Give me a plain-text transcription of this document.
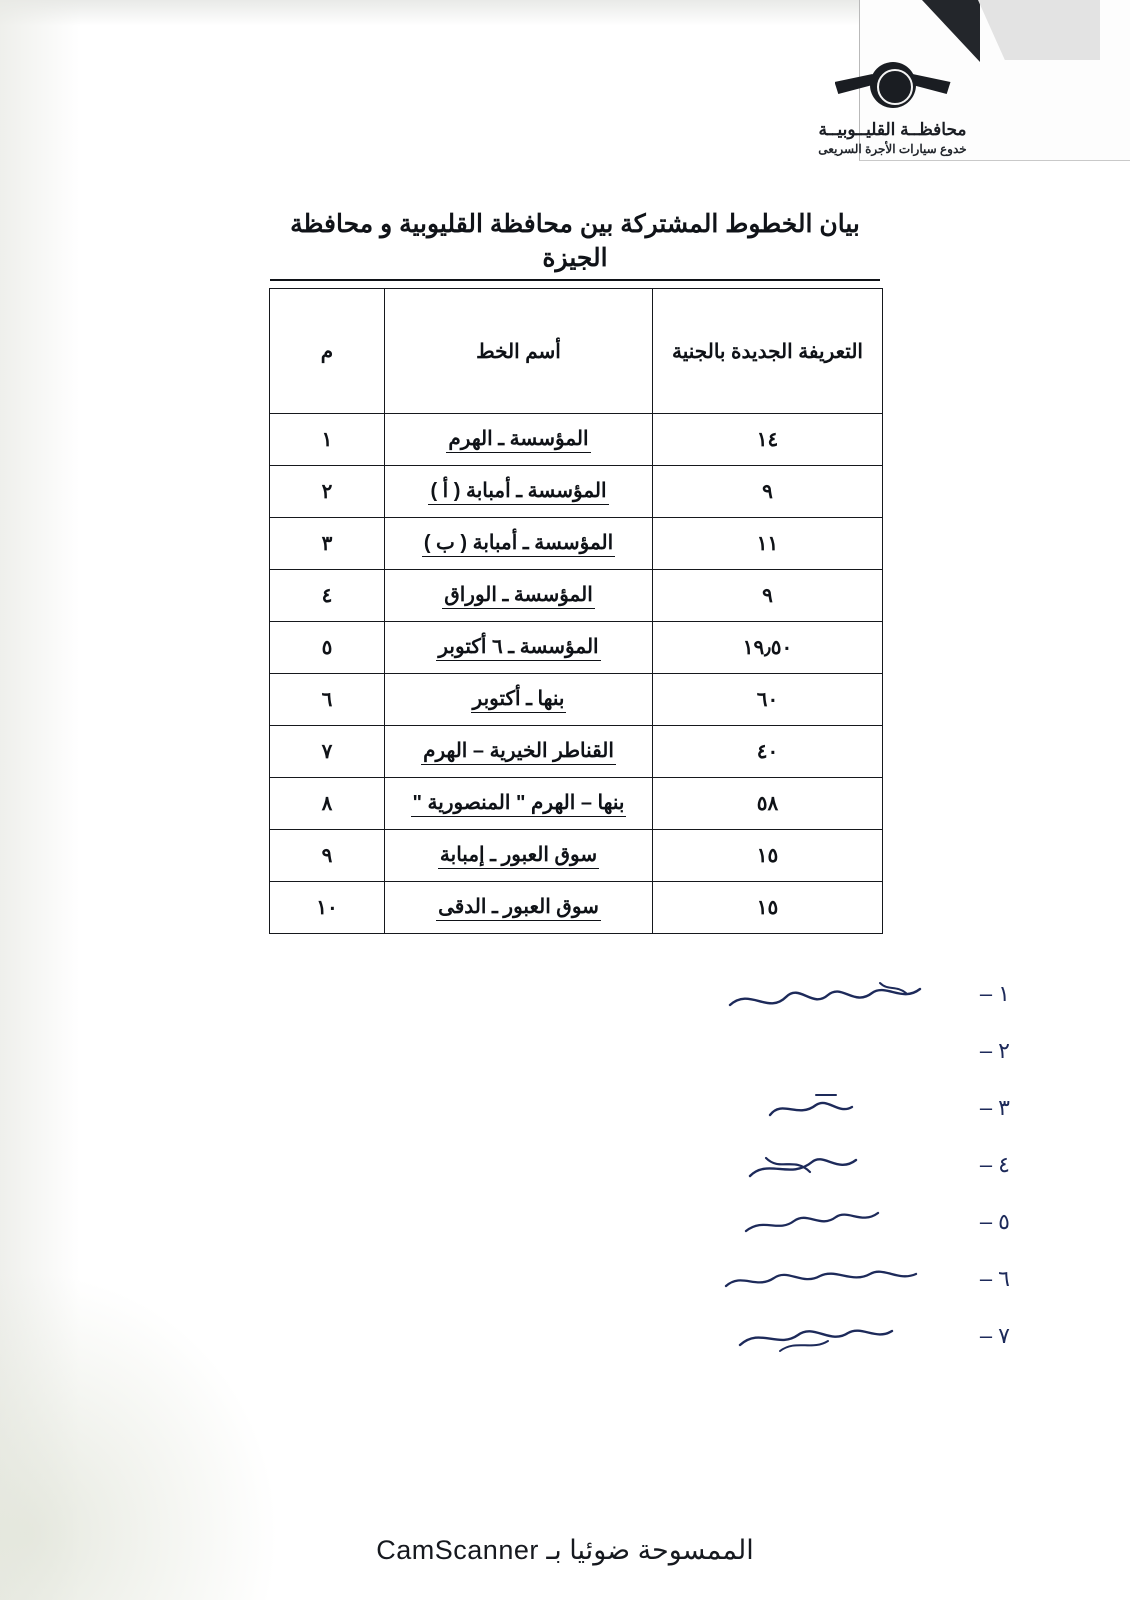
محافظــة القليــوبيــة
خدوع سيارات الأجرة السريعى
بيان الخطوط المشتركة بين محافظة القليوبية و محافظة الجيزة
التعريفة الجديدة بالجنية	أسم الخط	م
١٤	المؤسسة ـ الهرم	١
٩	المؤسسة ـ أمبابة ( أ )	٢
١١	المؤسسة ـ أمبابة ( ب )	٣
٩	المؤسسة ـ الوراق	٤
١٩٫٥٠	المؤسسة ـ ٦ أكتوبر	٥
٦٠	بنها ـ أكتوبر	٦
٤٠	القناطر الخيرية – الهرم	٧
٥٨	بنها – الهرم " المنصورية "	٨
١٥	سوق العبور ـ إمبابة	٩
١٥	سوق العبور ـ الدقى	١٠
١ –
٢ –
٣ –
٤ –
٥ –
٦ –
٧ –
الممسوحة ضوئيا بـ CamScanner
